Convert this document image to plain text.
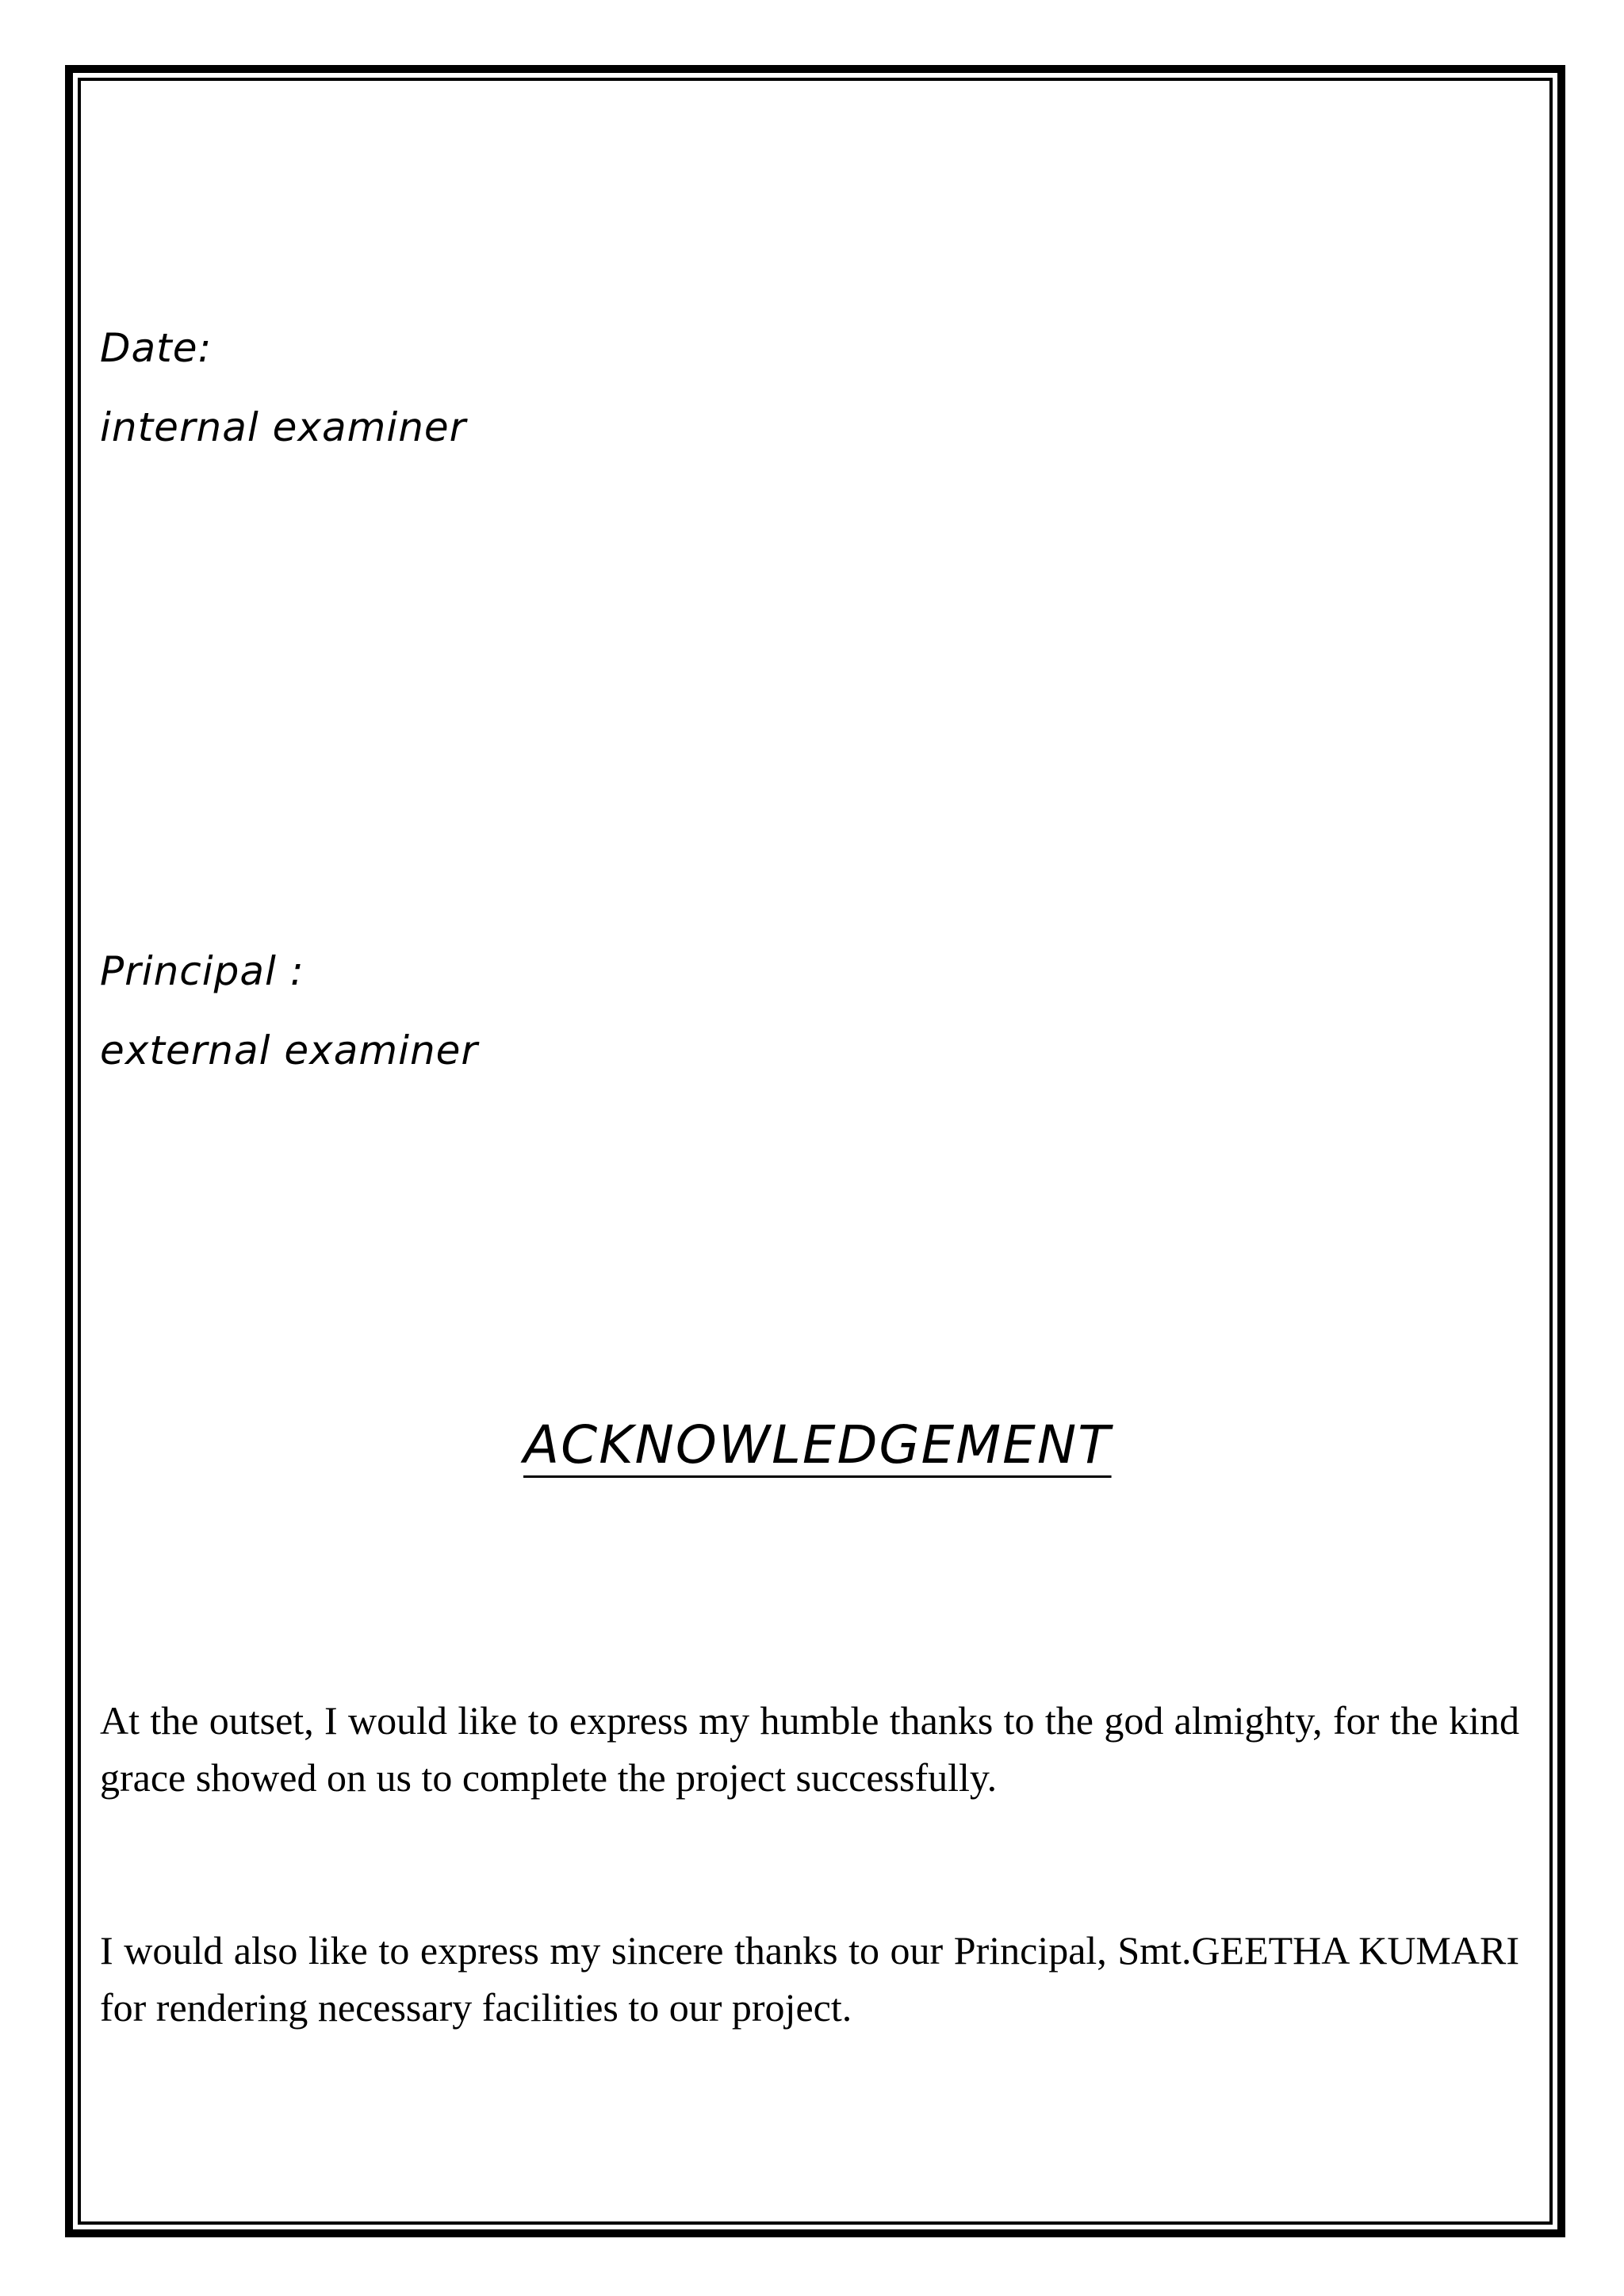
Date:
internal examiner
Principal :
external examiner
ACKNOWLEDGEMENT

At the outset, I would like to express my humble thanks to the god almighty, for the kind grace showed on us to complete the project successfully.

I would also like to express my sincere thanks to our Principal, Smt.GEETHA KUMARI for rendering necessary facilities to our project.
